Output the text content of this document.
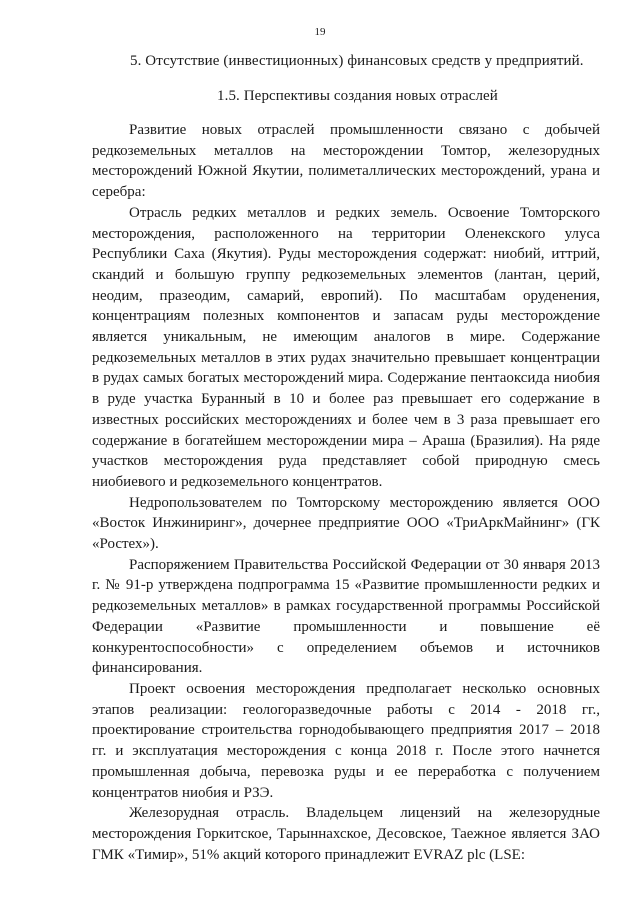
19
5. Отсутствие (инвестиционных) финансовых средств у предприятий.
1.5. Перспективы создания новых отраслей

Развитие новых отраслей промышленности связано с добычей редкоземельных металлов на месторождении Томтор, железорудных месторождений Южной Якутии, полиметаллических месторождений, урана и серебра:

Отрасль редких металлов и редких земель. Освоение Томторского месторождения, расположенного на территории Оленекского улуса Республики Саха (Якутия). Руды месторождения содержат: ниобий, иттрий, скандий и большую группу редкоземельных элементов (лантан, церий, неодим, празеодим, самарий, европий). По масштабам оруденения, концентрациям полезных компонентов и запасам руды месторождение является уникальным, не имеющим аналогов в мире. Содержание редкоземельных металлов в этих рудах значительно превышает концентрации в рудах самых богатых месторождений мира. Содержание пентаоксида ниобия в руде участка Буранный в 10 и более раз превышает его содержание в известных российских месторождениях и более чем в 3 раза превышает его содержание в богатейшем месторождении мира – Араша (Бразилия). На ряде участков месторождения руда представляет собой природную смесь ниобиевого и редкоземельного концентратов.

Недропользователем по Томторскому месторождению является ООО «Восток Инжиниринг», дочернее предприятие ООО «ТриАркМайнинг» (ГК «Ростех»).

Распоряжением Правительства Российской Федерации от 30 января 2013 г. № 91-р утверждена подпрограмма 15 «Развитие промышленности редких и редкоземельных металлов» в рамках государственной программы Российской Федерации «Развитие промышленности и повышение её конкурентоспособности» с определением объемов и источников финансирования.

Проект освоения месторождения предполагает несколько основных этапов реализации: геологоразведочные работы с 2014 - 2018 гг., проектирование строительства горнодобывающего предприятия 2017 – 2018 гг. и эксплуатация месторождения с конца 2018 г. После этого начнется промышленная добыча, перевозка руды и ее переработка с получением концентратов ниобия и РЗЭ.

Железорудная отрасль. Владельцем лицензий на железорудные месторождения Горкитское, Тарыннахское, Десовское, Таежное является ЗАО ГМК «Тимир», 51% акций которого принадлежит EVRAZ plc (LSE:
